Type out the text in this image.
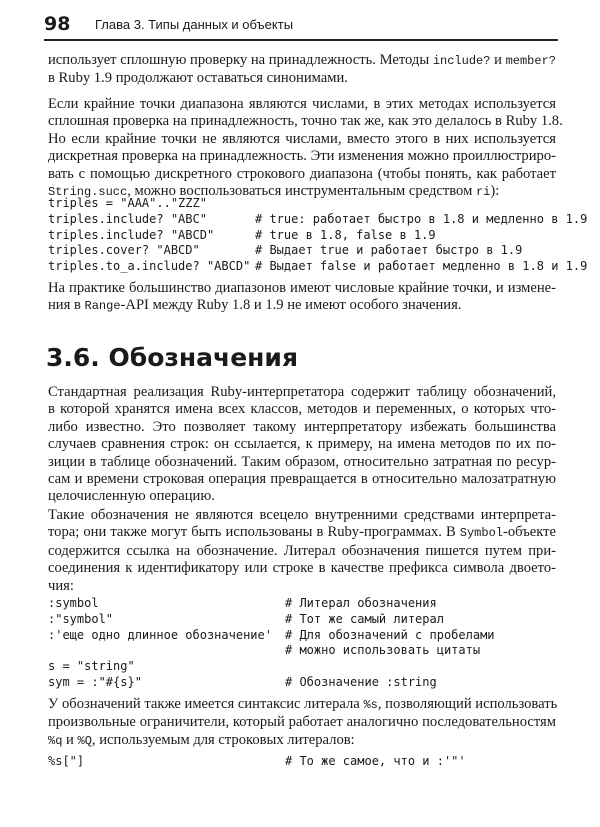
98 Глава 3. Типы данных и объекты
использует сплошную проверку на принадлежность. Методы include? и member?
в Ruby 1.9 продолжают оставаться синонимами.
Если крайние точки диапазона являются числами, в этих методах используется
сплошная проверка на принадлежность, точно так же, как это делалось в Ruby 1.8.
Но если крайние точки не являются числами, вместо этого в них используется
дискретная проверка на принадлежность. Эти изменения можно проиллюстриро-
вать с помощью дискретного строкового диапазона (чтобы понять, как работает
String.succ, можно воспользоваться инструментальным средством ri):
triples = "AAA".."ZZZ"
triples.include? "ABC"	# true: работает быстро в 1.8 и медленно в 1.9
triples.include? "ABCD"	# true в 1.8, false в 1.9
triples.cover? "ABCD"	# Выдает true и работает быстро в 1.9
triples.to_a.include? "ABCD" # Выдает false и работает медленно в 1.8 и 1.9
На практике большинство диапазонов имеют числовые крайние точки, и измене-
ния в Range-API между Ruby 1.8 и 1.9 не имеют особого значения.
3.6. Обозначения
Стандартная реализация Ruby-интерпретатора содержит таблицу обозначений,
в которой хранятся имена всех классов, методов и переменных, о которых что-
либо известно. Это позволяет такому интерпретатору избежать большинства
случаев сравнения строк: он ссылается, к примеру, на имена методов по их по-
зиции в таблице обозначений. Таким образом, относительно затратная по ресур-
сам и времени строковая операция превращается в относительно малозатратную
целочисленную операцию.
Такие обозначения не являются всецело внутренними средствами интерпрета-
тора; они также могут быть использованы в Ruby-программах. В Symbol-объекте
содержится ссылка на обозначение. Литерал обозначения пишется путем при-
соединения к идентификатору или строке в качестве префикса символа двоето-
чия:
:symbol	# Литерал обозначения
:"symbol"	# Тот же самый литерал
:'еще одно длинное обозначение' # Для обозначений с пробелами
# можно использовать цитаты
s = "string"
sym = :"#{s}"	# Обозначение :string
У обозначений также имеется синтаксис литерала %s, позволяющий использовать
произвольные ограничители, который работает аналогично последовательностям
%q и %Q, используемым для строковых литералов:
%s["]	# То же самое, что и :'"'
